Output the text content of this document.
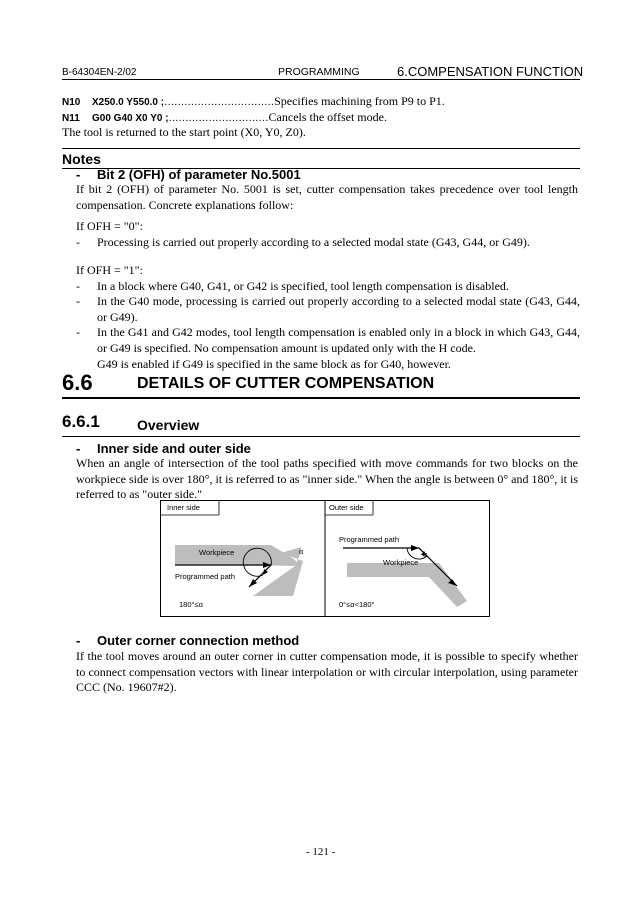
B-64304EN-2/02	PROGRAMMING	6.COMPENSATION FUNCTION
N10 X250.0 Y550.0 ;……………………………Specifies machining from P9 to P1.
N11 G00 G40 X0 Y0 ;…………………………Cancels the offset mode.
The tool is returned to the start point (X0, Y0, Z0).
Notes
- Bit 2 (OFH) of parameter No.5001
If bit 2 (OFH) of parameter No. 5001 is set, cutter compensation takes precedence over tool length compensation. Concrete explanations follow:
If OFH = "0":
- Processing is carried out properly according to a selected modal state (G43, G44, or G49).
If OFH = "1":
- In a block where G40, G41, or G42 is specified, tool length compensation is disabled.
- In the G40 mode, processing is carried out properly according to a selected modal state (G43, G44, or G49).
- In the G41 and G42 modes, tool length compensation is enabled only in a block in which G43, G44, or G49 is specified. No compensation amount is updated only with the H code.
G49 is enabled if G49 is specified in the same block as for G40, however.
6.6	DETAILS OF CUTTER COMPENSATION
6.6.1	Overview
- Inner side and outer side
When an angle of intersection of the tool paths specified with move commands for two blocks on the workpiece side is over 180°, it is referred to as "inner side." When the angle is between 0° and 180°, it is referred to as "outer side."
Inner side	Outer side
Workpiece	α
Programmed path
180°≤α
Programmed path
α
Workpiece
0°≤α<180°
- Outer corner connection method
If the tool moves around an outer corner in cutter compensation mode, it is possible to specify whether to connect compensation vectors with linear interpolation or with circular interpolation, using parameter CCC (No. 19607#2).
- 121 -
